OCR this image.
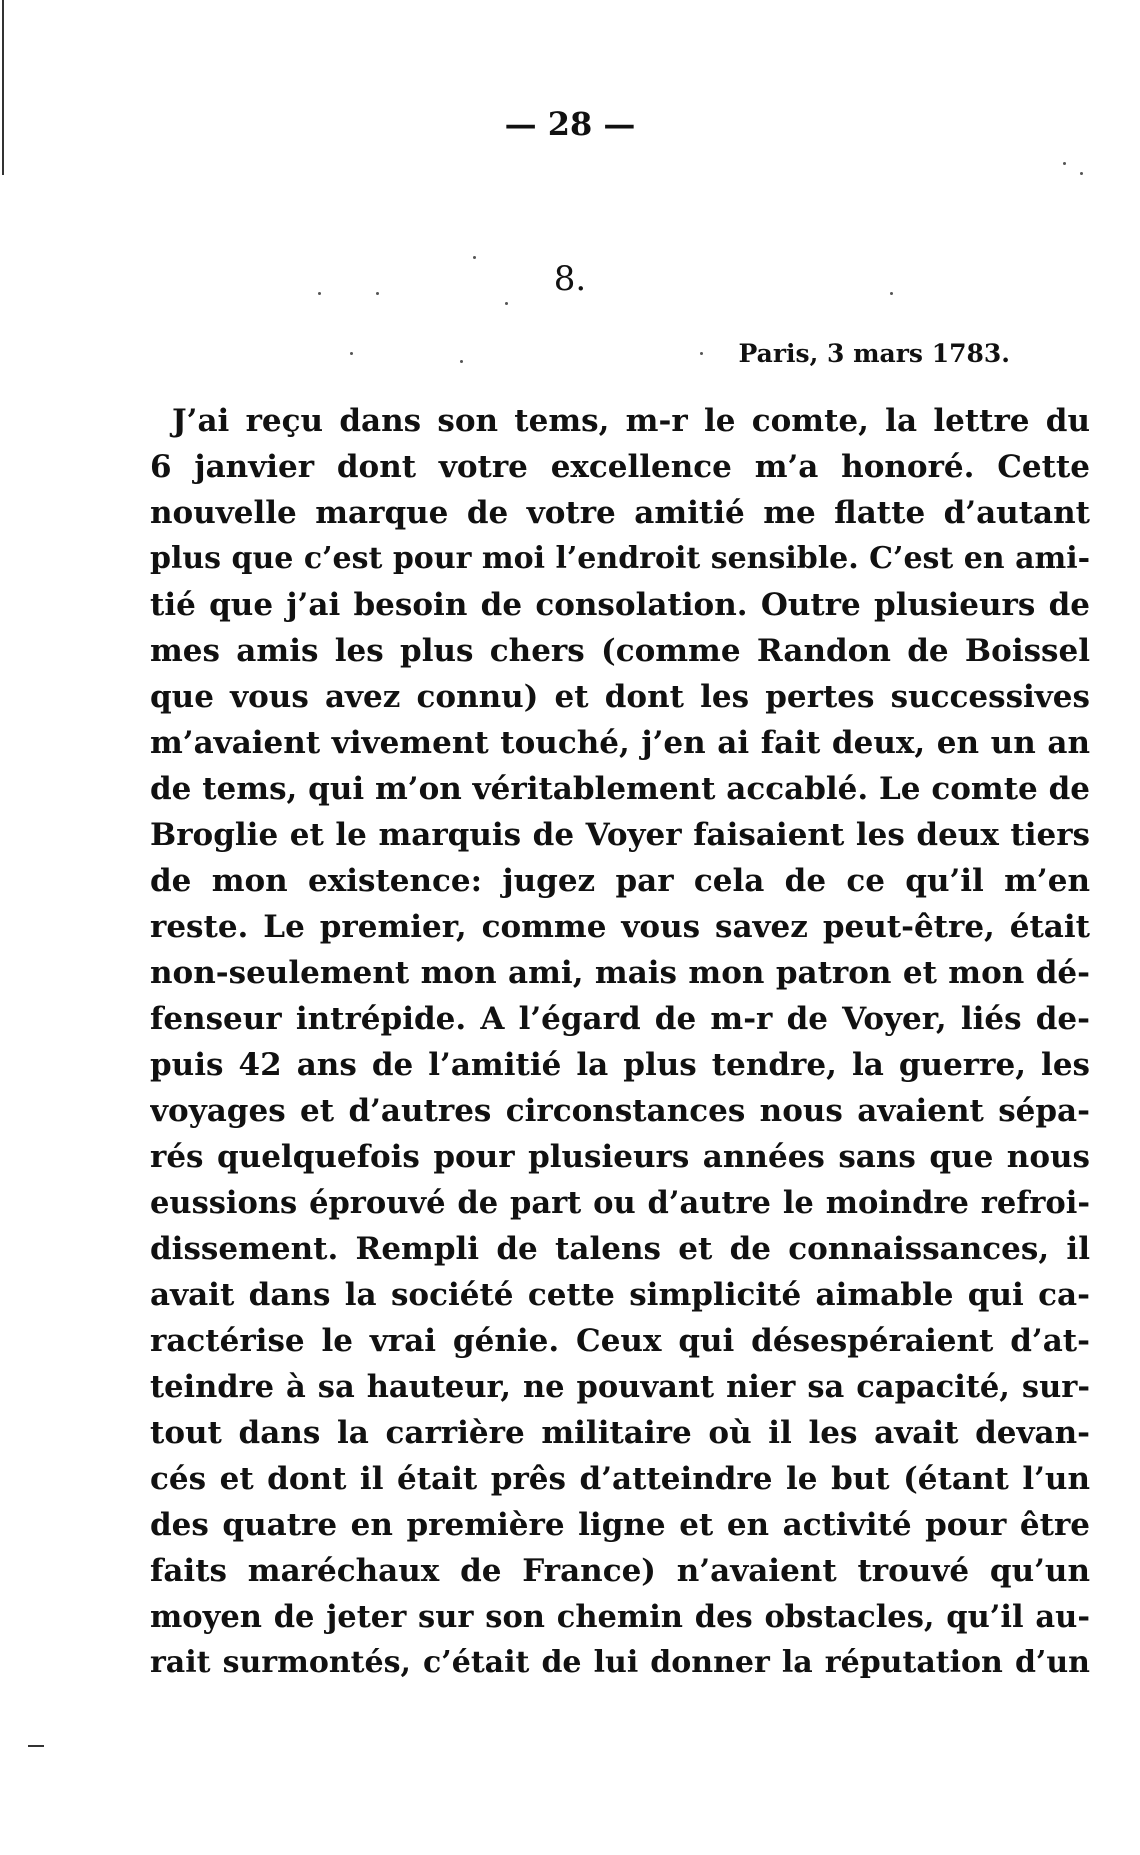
— 28 —
8.
Paris, 3 mars 1783.
J’ai reçu dans son tems, m-r le comte, la lettre du
6 janvier dont votre excellence m’a honoré. Cette
nouvelle marque de votre amitié me flatte d’autant
plus que c’est pour moi l’endroit sensible. C’est en ami-
tié que j’ai besoin de consolation. Outre plusieurs de
mes amis les plus chers (comme Randon de Boissel
que vous avez connu) et dont les pertes successives
m’avaient vivement touché, j’en ai fait deux, en un an
de tems, qui m’on véritablement accablé. Le comte de
Broglie et le marquis de Voyer faisaient les deux tiers
de mon existence: jugez par cela de ce qu’il m’en
reste. Le premier, comme vous savez peut-être, était
non-seulement mon ami, mais mon patron et mon dé-
fenseur intrépide. A l’égard de m-r de Voyer, liés de-
puis 42 ans de l’amitié la plus tendre, la guerre, les
voyages et d’autres circonstances nous avaient sépa-
rés quelquefois pour plusieurs années sans que nous
eussions éprouvé de part ou d’autre le moindre refroi-
dissement. Rempli de talens et de connaissances, il
avait dans la société cette simplicité aimable qui ca-
ractérise le vrai génie. Ceux qui désespéraient d’at-
teindre à sa hauteur, ne pouvant nier sa capacité, sur-
tout dans la carrière militaire où il les avait devan-
cés et dont il était prês d’atteindre le but (étant l’un
des quatre en première ligne et en activité pour être
faits maréchaux de France) n’avaient trouvé qu’un
moyen de jeter sur son chemin des obstacles, qu’il au-
rait surmontés, c’était de lui donner la réputation d’un
